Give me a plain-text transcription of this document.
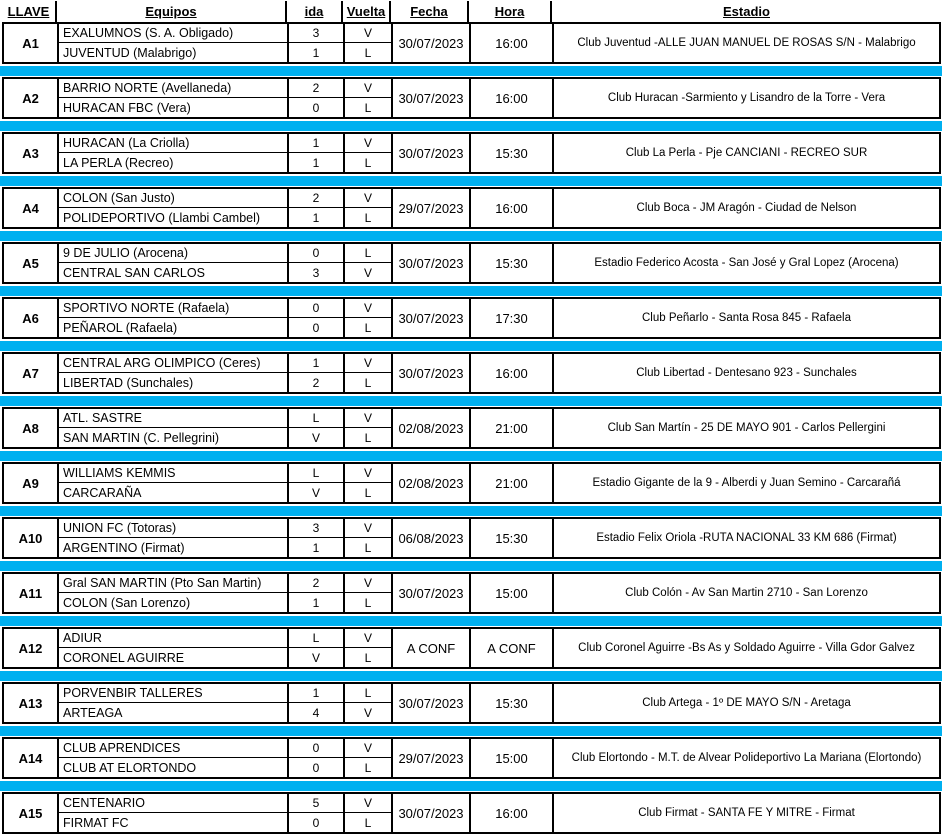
LLAVE	Equipos	ida	Vuelta	Fecha	Hora	Estadio
A1
EXALUMNOS (S. A. Obligado)	3	V
JUVENTUD (Malabrigo)	1	L
30/07/2023	16:00	Club Juventud -ALLE JUAN MANUEL DE ROSAS S/N - Malabrigo
A2
BARRIO NORTE (Avellaneda)	2	V
HURACAN FBC (Vera)	0	L
30/07/2023	16:00	Club Huracan -Sarmiento y Lisandro de la Torre - Vera
A3
HURACAN (La Criolla)	1	V
LA PERLA (Recreo)	1	L
30/07/2023	15:30	Club La Perla - Pje CANCIANI - RECREO SUR
A4
COLON (San Justo)	2	V
POLIDEPORTIVO (Llambi Cambel)	1	L
29/07/2023	16:00	Club Boca - JM Aragón - Ciudad de Nelson
A5
9 DE JULIO (Arocena)	0	L
CENTRAL SAN CARLOS	3	V
30/07/2023	15:30	Estadio Federico Acosta - San José y Gral Lopez (Arocena)
A6
SPORTIVO NORTE (Rafaela)	0	V
PEÑAROL (Rafaela)	0	L
30/07/2023	17:30	Club Peñarlo - Santa Rosa 845 - Rafaela
A7
CENTRAL ARG OLIMPICO (Ceres)	1	V
LIBERTAD (Sunchales)	2	L
30/07/2023	16:00	Club Libertad - Dentesano 923 - Sunchales
A8
ATL. SASTRE	L	V
SAN MARTIN (C. Pellegrini)	V	L
02/08/2023	21:00	Club San Martín - 25 DE MAYO 901 - Carlos Pellergini
A9
WILLIAMS KEMMIS	L	V
CARCARAÑA	V	L
02/08/2023	21:00	Estadio Gigante de la 9 - Alberdi y Juan Semino - Carcarañá
A10
UNION FC (Totoras)	3	V
ARGENTINO (Firmat)	1	L
06/08/2023	15:30	Estadio Felix Oriola -RUTA NACIONAL 33 KM 686 (Firmat)
A11
Gral SAN MARTIN (Pto San Martin)	2	V
COLON (San Lorenzo)	1	L
30/07/2023	15:00	Club Colón - Av San Martin 2710 - San Lorenzo
A12
ADIUR	L	V
CORONEL AGUIRRE	V	L
A CONF	A CONF	Club Coronel Aguirre -Bs As y Soldado Aguirre - Villa Gdor Galvez
A13
PORVENBIR TALLERES	1	L
ARTEAGA	4	V
30/07/2023	15:30	Club Artega - 1º DE MAYO S/N - Aretaga
A14
CLUB APRENDICES	0	V
CLUB AT ELORTONDO	0	L
29/07/2023	15:00	Club Elortondo - M.T. de Alvear Polideportivo La Mariana (Elortondo)
A15
CENTENARIO	5	V
FIRMAT FC	0	L
30/07/2023	16:00	Club Firmat - SANTA FE Y MITRE - Firmat
